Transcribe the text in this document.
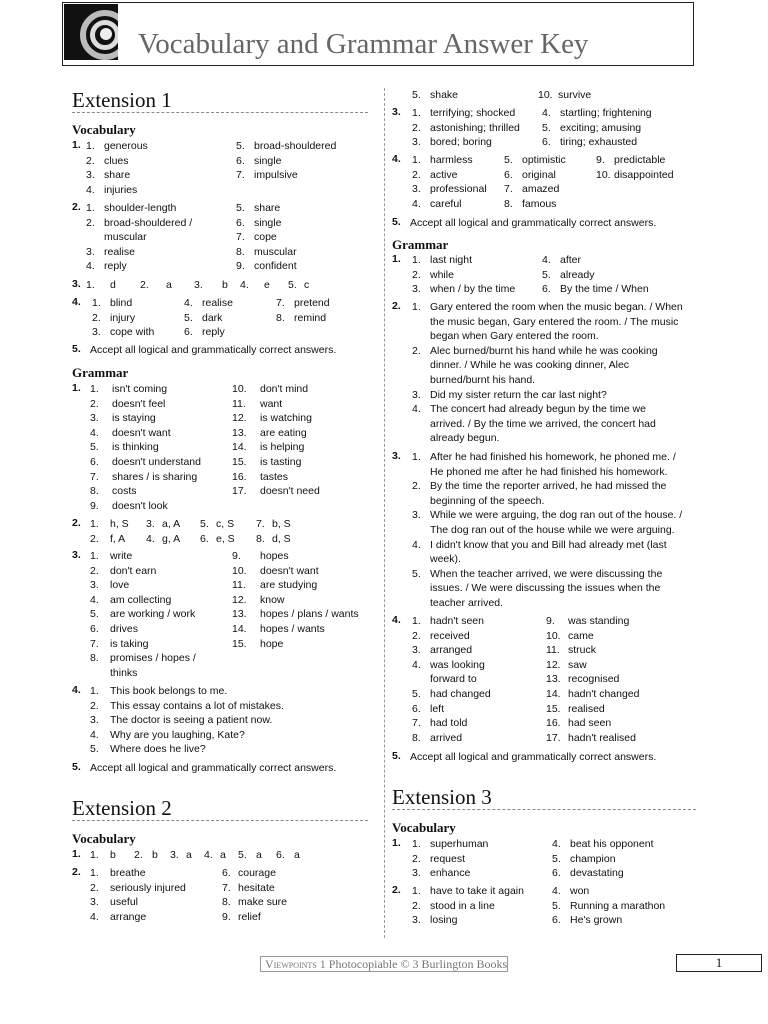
Vocabulary and Grammar Answer Key
Extension 1
Vocabulary
1. 1. generous	5. broad-shouldered
2. clues	6. single
3. share	7. impulsive
4. injuries
2. 1. shoulder-length	5. share
2. broad-shouldered /	6. single
muscular	7. cope
3. realise	8. muscular
4. reply	9. confident
3. 1. d 2. a 3. b 4. e 5. c
4. 1. blind	4. realise	7. pretend
2. injury	5. dark	8. remind
3. cope with	6. reply
5. Accept all logical and grammatically correct answers.
Grammar
1. 1. isn't coming	10. don't mind
2. doesn't feel	11. want
3. is staying	12. is watching
4. doesn't want	13. are eating
5. is thinking	14. is helping
6. doesn't understand	15. is tasting
7. shares / is sharing	16. tastes
8. costs	17. doesn't need
9. doesn't look
2. 1. h, S 3. a, A 5. c, S 7. b, S
2. f, A 4. g, A 6. e, S 8. d, S
3. 1. write	9. hopes
2. don't earn	10. doesn't want
3. love	11. are studying
4. am collecting	12. know
5. are working / work	13. hopes / plans / wants
6. drives	14. hopes / wants
7. is taking	15. hope
8. promises / hopes /
thinks
4. 1. This book belongs to me.
2. This essay contains a lot of mistakes.
3. The doctor is seeing a patient now.
4. Why are you laughing, Kate?
5. Where does he live?
5. Accept all logical and grammatically correct answers.
Extension 2
Vocabulary
1. 1. b 2. b 3. a 4. a 5. a 6. a
2. 1. breathe	6. courage
2. seriously injured	7. hesitate
3. useful	8. make sure
4. arrange	9. relief
5. shake	10. survive
3. 1. terrifying; shocked	4. startling; frightening
2. astonishing; thrilled 5. exciting; amusing
3. bored; boring	6. tiring; exhausted
4. 1. harmless	5. optimistic	9. predictable
2. active	6. original	10. disappointed
3. professional 7. amazed
4. careful	8. famous
5. Accept all logical and grammatically correct answers.
Grammar
1. 1. last night	4. after
2. while	5. already
3. when / by the time	6. By the time / When
2. 1. Gary entered the room when the music began. / When
the music began, Gary entered the room. / The music
began when Gary entered the room.
2. Alec burned/burnt his hand while he was cooking
dinner. / While he was cooking dinner, Alec
burned/burnt his hand.
3. Did my sister return the car last night?
4. The concert had already begun by the time we
arrived. / By the time we arrived, the concert had
already begun.
3. 1. After he had finished his homework, he phoned me. /
He phoned me after he had finished his homework.
2. By the time the reporter arrived, he had missed the
beginning of the speech.
3. While we were arguing, the dog ran out of the house. /
The dog ran out of the house while we were arguing.
4. I didn't know that you and Bill had already met (last
week).
5. When the teacher arrived, we were discussing the
issues. / We were discussing the issues when the
teacher arrived.
4. 1. hadn't seen	9. was standing
2. received	10. came
3. arranged	11. struck
4. was looking	12. saw
forward to	13. recognised
5. had changed	14. hadn't changed
6. left	15. realised
7. had told	16. had seen
8. arrived	17. hadn't realised
5. Accept all logical and grammatically correct answers.
Extension 3
Vocabulary
1. 1. superhuman	4. beat his opponent
2. request	5. champion
3. enhance	6. devastating
2. 1. have to take it again	4. won
2. stood in a line	5. Running a marathon
3. losing	6. He's grown
Viewpoints 1 Photocopiable © 3 Burlington Books	1
